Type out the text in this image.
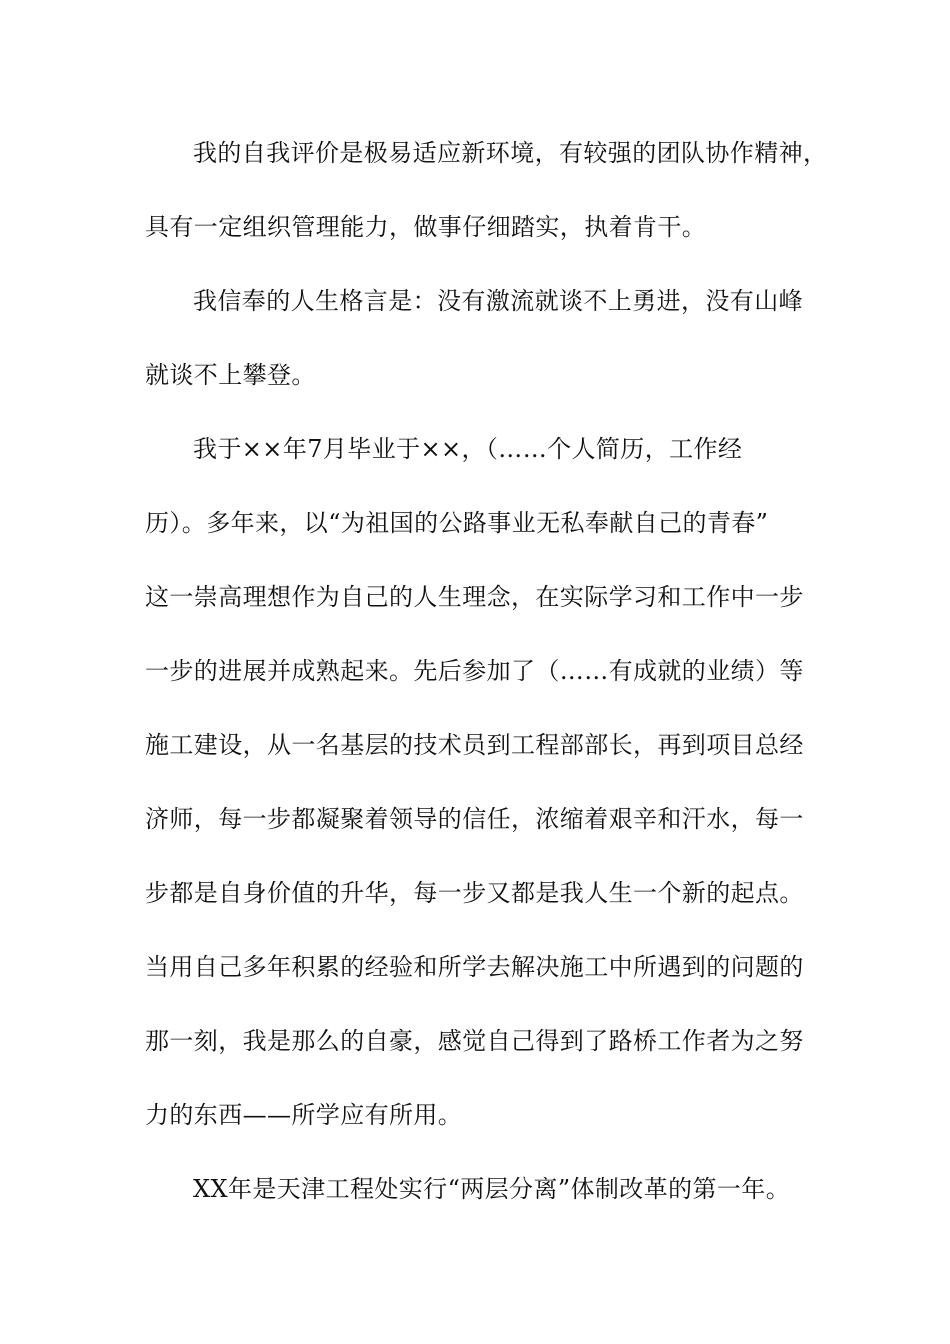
我的自我评价是极易适应新环境，有较强的团队协作精神，
具有一定组织管理能力，做事仔细踏实，执着肯干。
我信奉的人生格言是：没有激流就谈不上勇进，没有山峰
就谈不上攀登。
我于××年7月毕业于××，（……个人简历，工作经
历）。多年来，以“为祖国的公路事业无私奉献自己的青春”
这一崇高理想作为自己的人生理念，在实际学习和工作中一步
一步的进展并成熟起来。先后参加了（……有成就的业绩）等
施工建设，从一名基层的技术员到工程部部长，再到项目总经
济师，每一步都凝聚着领导的信任，浓缩着艰辛和汗水，每一
步都是自身价值的升华，每一步又都是我人生一个新的起点。
当用自己多年积累的经验和所学去解决施工中所遇到的问题的
那一刻，我是那么的自豪，感觉自己得到了路桥工作者为之努
力的东西——所学应有所用。
XX年是天津工程处实行“两层分离”体制改革的第一年。
